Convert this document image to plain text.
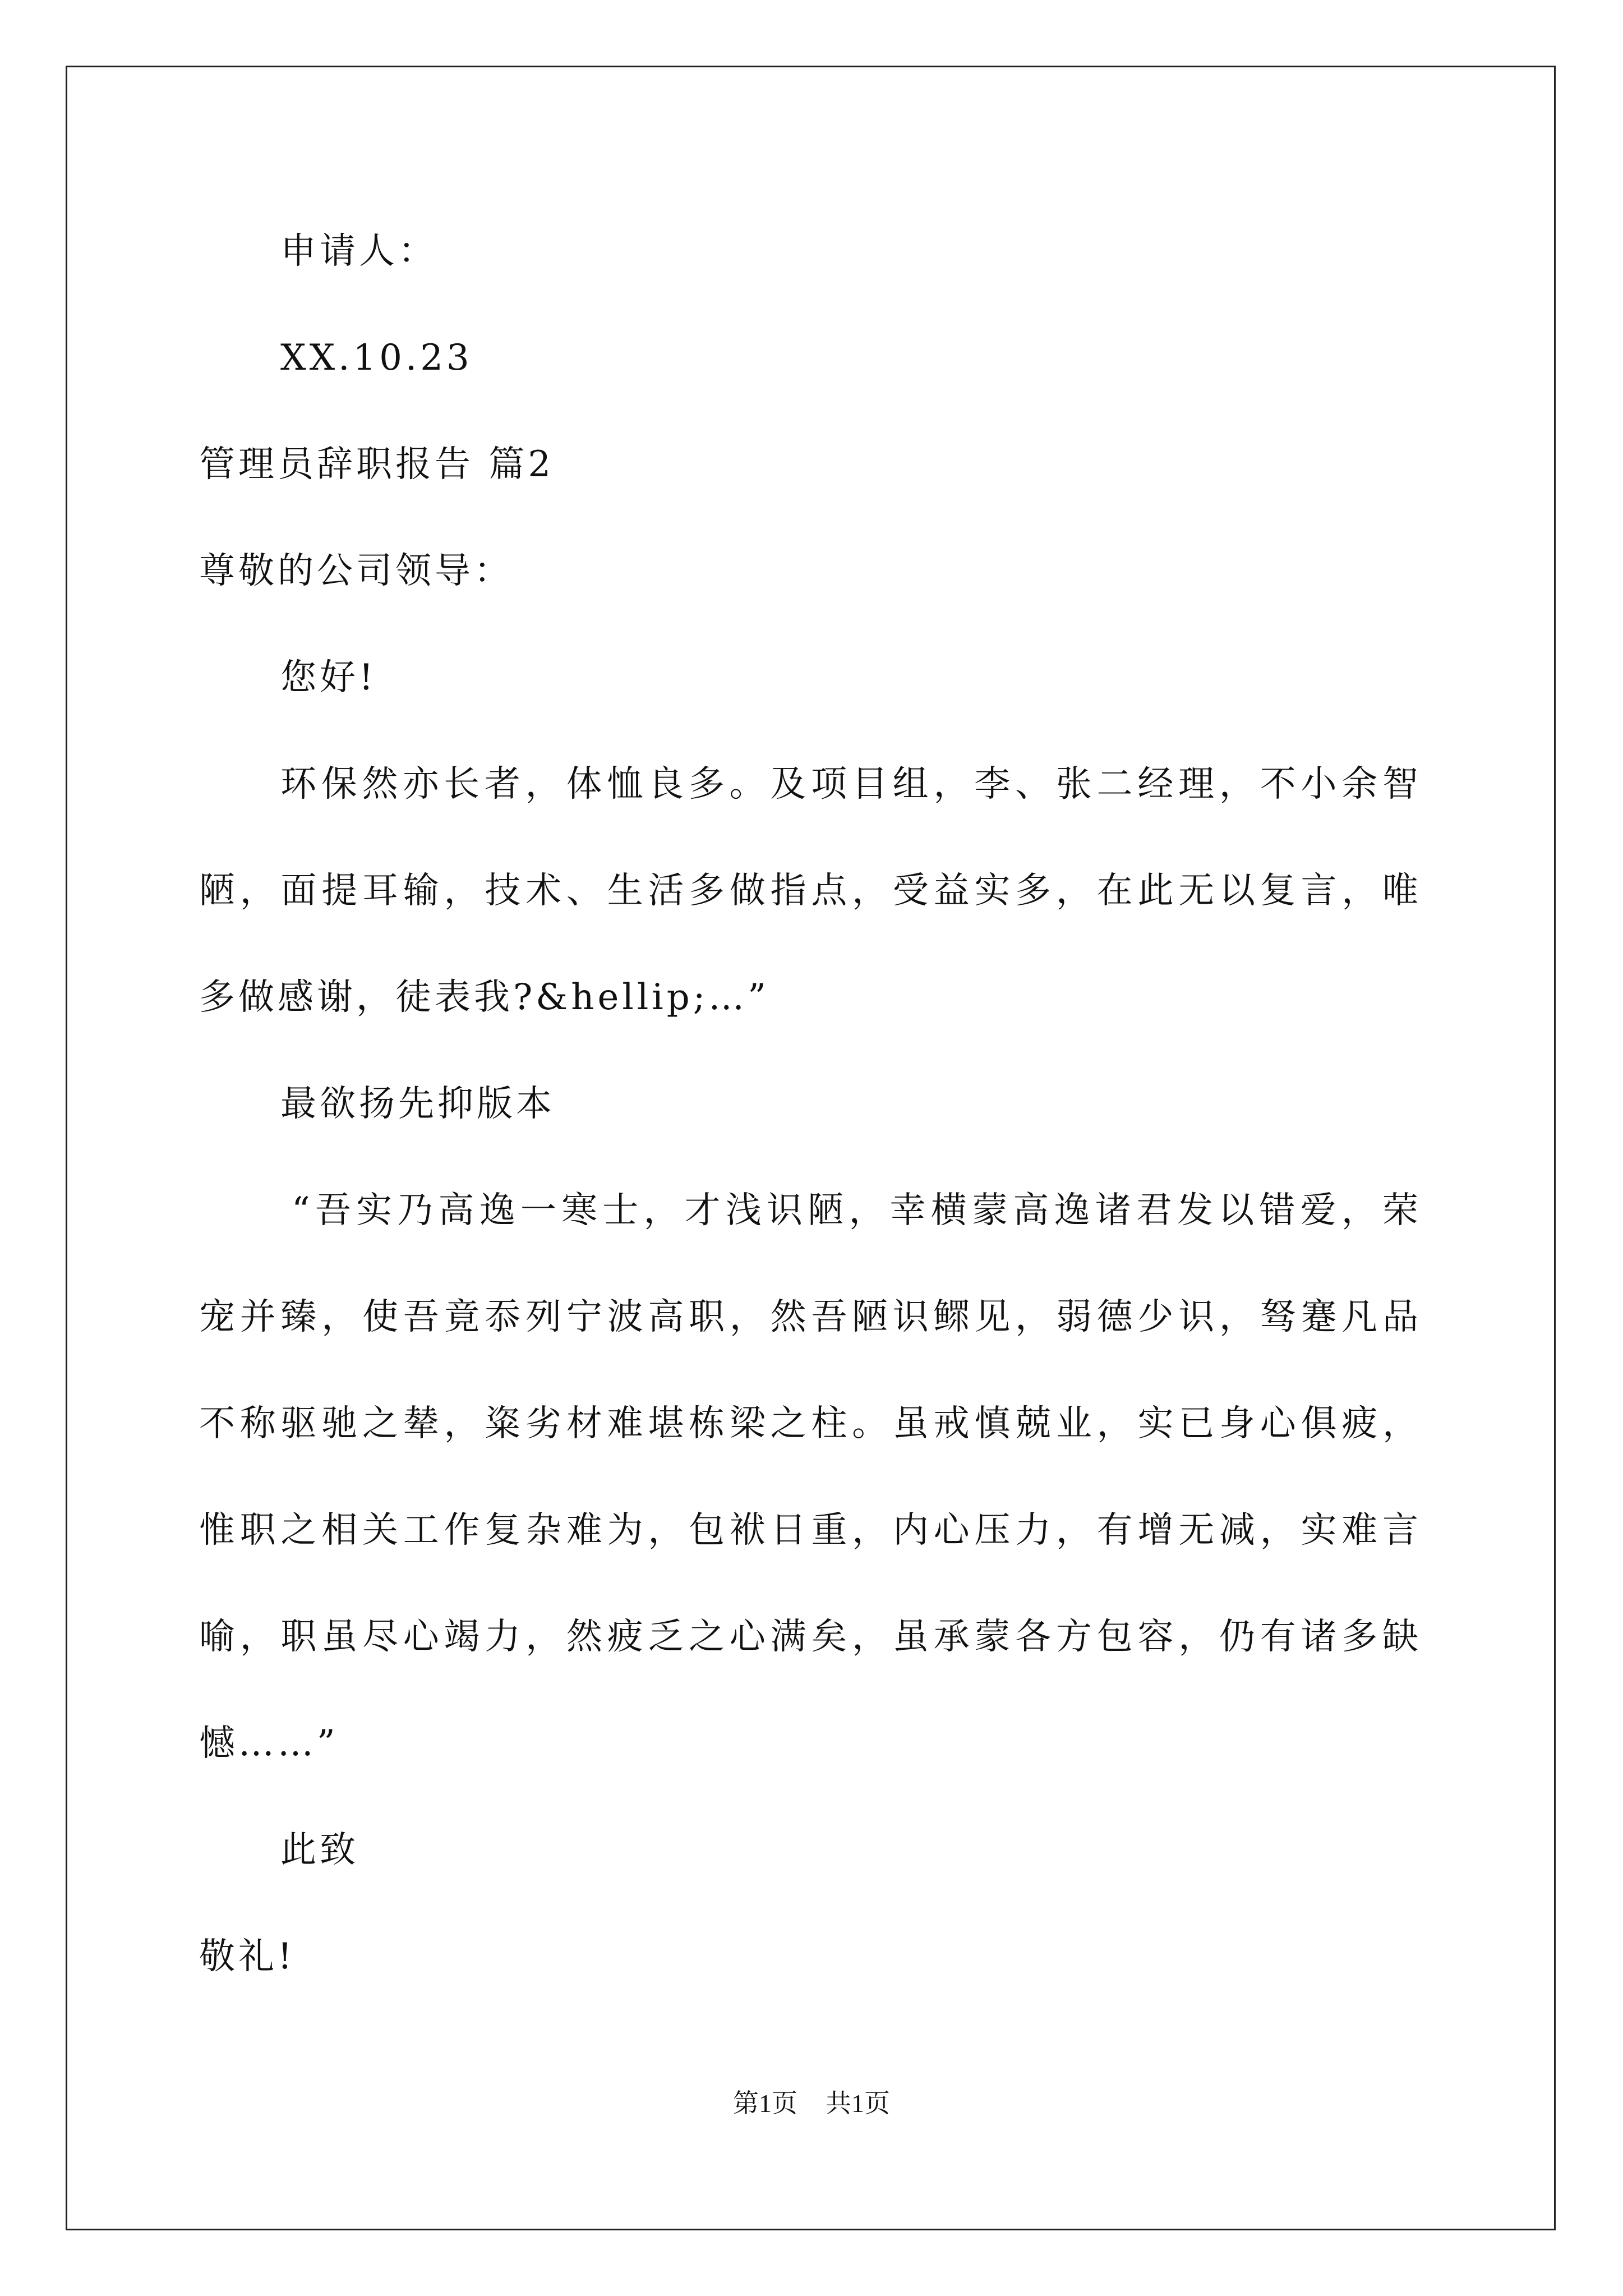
申请人：
XX.10.23
管理员辞职报告 篇2
尊敬的公司领导：
您好!
环保然亦长者，体恤良多。及项目组，李、张二经理，不小余智
陋，面提耳输，技术、生活多做指点，受益实多，在此无以复言，唯
多做感谢，徒表我?&hellip;…”
最欲扬先抑版本
“吾实乃高逸一寒士，才浅识陋，幸横蒙高逸诸君发以错爱，荣
宠并臻，使吾竟忝列宁波高职，然吾陋识鳏见，弱德少识，驽蹇凡品
不称驱驰之辇，粢劣材难堪栋梁之柱。虽戒慎兢业，实已身心俱疲，
惟职之相关工作复杂难为，包袱日重，内心压力，有增无减，实难言
喻，职虽尽心竭力，然疲乏之心满矣，虽承蒙各方包容，仍有诸多缺
憾……”
此致
敬礼!
第1页 共1页
